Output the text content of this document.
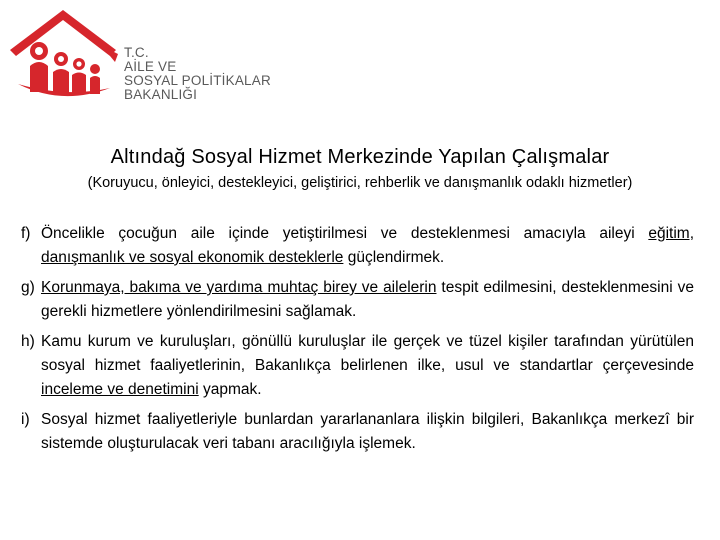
T.C.
AİLE VE
SOSYAL POLİTİKALAR
BAKANLIĞI
Altındağ Sosyal Hizmet Merkezinde Yapılan Çalışmalar
(Koruyucu, önleyici, destekleyici, geliştirici, rehberlik ve danışmanlık odaklı hizmetler)
f) Öncelikle çocuğun aile içinde yetiştirilmesi ve desteklenmesi amacıyla aileyi eğitim, danışmanlık ve sosyal ekonomik desteklerle güçlendirmek.
g) Korunmaya, bakıma ve yardıma muhtaç birey ve ailelerin tespit edilmesini, desteklenmesini ve gerekli hizmetlere yönlendirilmesini sağlamak.
h) Kamu kurum ve kuruluşları, gönüllü kuruluşlar ile gerçek ve tüzel kişiler tarafından yürütülen sosyal hizmet faaliyetlerinin, Bakanlıkça belirlenen ilke, usul ve standartlar çerçevesinde inceleme ve denetimini yapmak.
i) Sosyal hizmet faaliyetleriyle bunlardan yararlananlara ilişkin bilgileri, Bakanlıkça merkezî bir sistemde oluşturulacak veri tabanı aracılığıyla işlemek.
